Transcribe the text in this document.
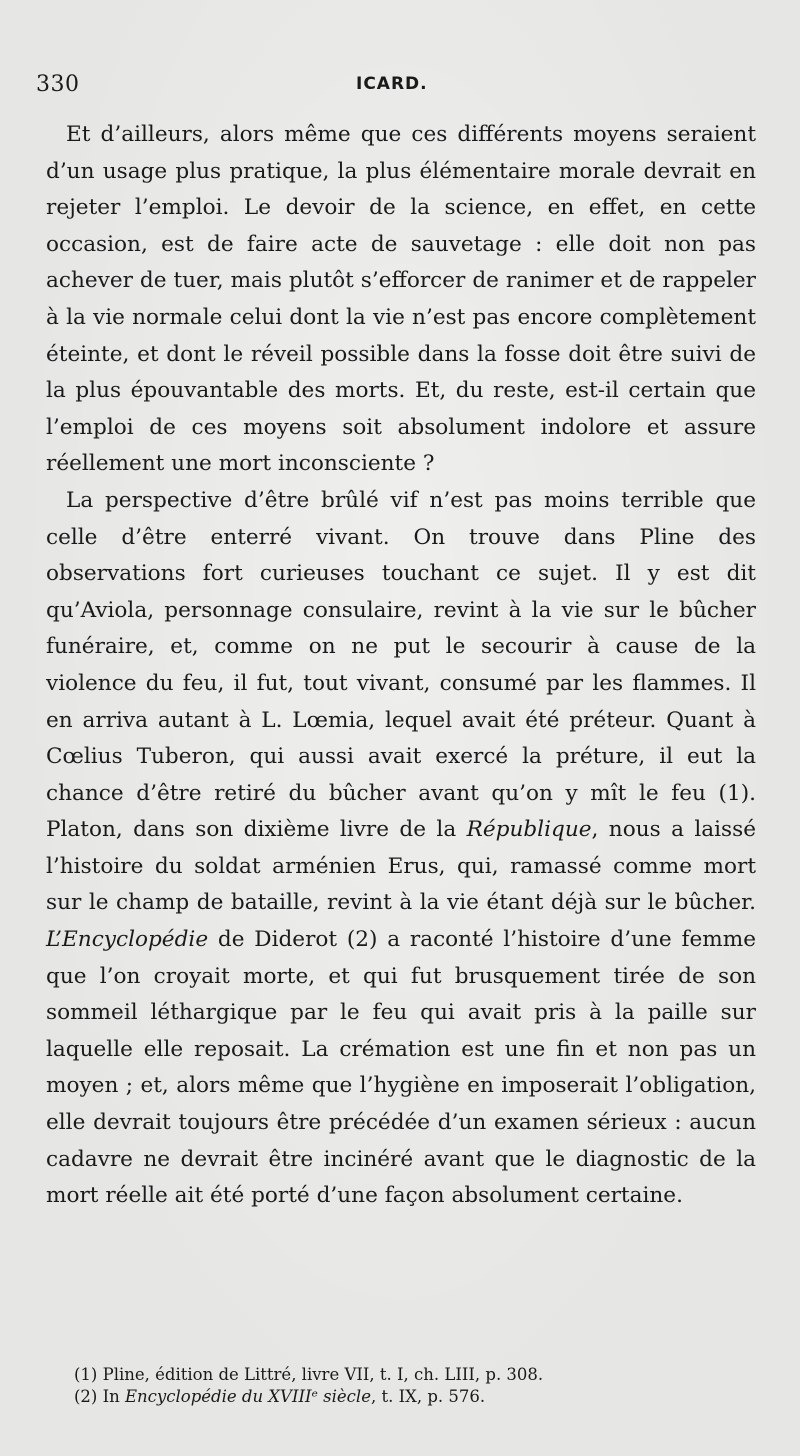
330	ICARD.

Et d’ailleurs, alors même que ces différents moyens seraient d’un usage plus pratique, la plus élémentaire morale devrait en rejeter l’emploi. Le devoir de la science, en effet, en cette occasion, est de faire acte de sauvetage : elle doit non pas achever de tuer, mais plutôt s’efforcer de ranimer et de rappeler à la vie normale celui dont la vie n’est pas encore complètement éteinte, et dont le réveil possible dans la fosse doit être suivi de la plus épouvantable des morts. Et, du reste, est-il certain que l’emploi de ces moyens soit absolument indolore et assure réellement une mort inconsciente ?

La perspective d’être brûlé vif n’est pas moins terrible que celle d’être enterré vivant. On trouve dans Pline des observations fort curieuses touchant ce sujet. Il y est dit qu’Aviola, personnage consulaire, revint à la vie sur le bûcher funéraire, et, comme on ne put le secourir à cause de la violence du feu, il fut, tout vivant, consumé par les flammes. Il en arriva autant à L. Lœmia, lequel avait été préteur. Quant à Cœlius Tuberon, qui aussi avait exercé la préture, il eut la chance d’être retiré du bûcher avant qu’on y mît le feu (1). Platon, dans son dixième livre de la République, nous a laissé l’histoire du soldat arménien Erus, qui, ramassé comme mort sur le champ de bataille, revint à la vie étant déjà sur le bûcher. L’Encyclopédie de Diderot (2) a raconté l’histoire d’une femme que l’on croyait morte, et qui fut brusquement tirée de son sommeil léthargique par le feu qui avait pris à la paille sur laquelle elle reposait. La crémation est une fin et non pas un moyen ; et, alors même que l’hygiène en imposerait l’obligation, elle devrait toujours être précédée d’un examen sérieux : aucun cadavre ne devrait être incinéré avant que le diagnostic de la mort réelle ait été porté d’une façon absolument certaine.

(1) Pline, édition de Littré, livre VII, t. I, ch. LIII, p. 308.

(2) In Encyclopédie du XVIIIᵉ siècle, t. IX, p. 576.
